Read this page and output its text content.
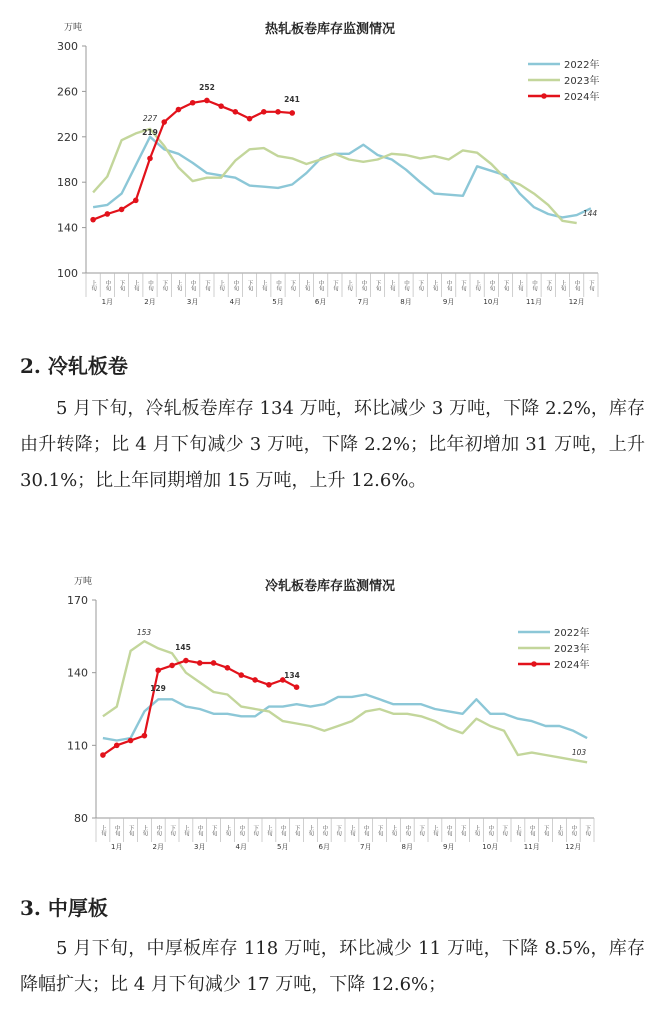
热轧板卷库存监测情况
万吨
100
140
180
220
260
300
上旬 中旬 下旬 上旬 中旬 下旬 上旬 中旬 下旬 上旬 中旬 下旬 上旬 中旬 下旬 上旬 中旬 下旬 上旬 中旬 下旬 上旬 中旬 下旬 上旬 中旬 下旬 上旬 中旬 下旬 上旬 中旬 下旬 上旬 中旬 下旬
1月	2月	3月	4月	5月	6月	7月	8月	9月	10月	11月	12月
227
219
252
241
144
2022年
2023年
2024年
2. 冷轧板卷

5 月下旬，冷轧板卷库存 134 万吨，环比减少 3 万吨，下降 2.2%，库存由升转降；比 4 月下旬减少 3 万吨，下降 2.2%；比年初增加 31 万吨，上升 30.1%；比上年同期增加 15 万吨，上升 12.6%。

冷轧板卷库存监测情况
万吨
80
110
140
170
上旬 中旬 下旬 上旬 中旬 下旬 上旬 中旬 下旬 上旬 中旬 下旬 上旬 中旬 下旬 上旬 中旬 下旬 上旬 中旬 下旬 上旬 中旬 下旬 上旬 中旬 下旬 上旬 中旬 下旬 上旬 中旬 下旬 上旬 中旬 下旬
1月	2月	3月	4月	5月	6月	7月	8月	9月	10月	11月	12月
153
129
145
134
103
2022年
2023年
2024年
3. 中厚板

5 月下旬，中厚板库存 118 万吨，环比减少 11 万吨，下降 8.5%，库存降幅扩大；比 4 月下旬减少 17 万吨，下降 12.6%；
